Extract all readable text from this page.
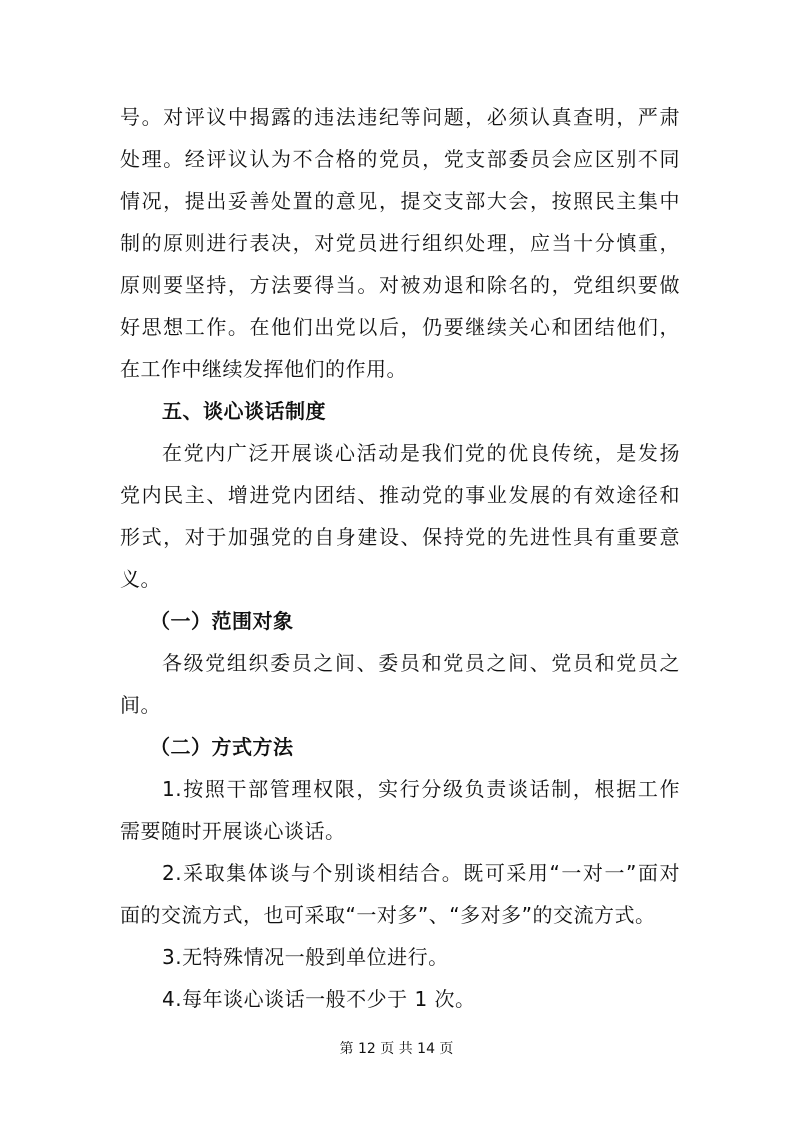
号。对评议中揭露的违法违纪等问题，必须认真查明，严肃
处理。经评议认为不合格的党员，党支部委员会应区别不同
情况，提出妥善处置的意见，提交支部大会，按照民主集中
制的原则进行表决，对党员进行组织处理，应当十分慎重，
原则要坚持，方法要得当。对被劝退和除名的，党组织要做
好思想工作。在他们出党以后，仍要继续关心和团结他们，
在工作中继续发挥他们的作用。
五、谈心谈话制度
在党内广泛开展谈心活动是我们党的优良传统，是发扬
党内民主、增进党内团结、推动党的事业发展的有效途径和
形式，对于加强党的自身建设、保持党的先进性具有重要意
义。
（一）范围对象
各级党组织委员之间、委员和党员之间、党员和党员之
间。
（二）方式方法
1.按照干部管理权限，实行分级负责谈话制，根据工作
需要随时开展谈心谈话。
2.采取集体谈与个别谈相结合。既可采用“一对一”面对
面的交流方式，也可采取“一对多”、“多对多”的交流方式。
3.无特殊情况一般到单位进行。
4.每年谈心谈话一般不少于 1 次。
第 12 页 共 14 页
